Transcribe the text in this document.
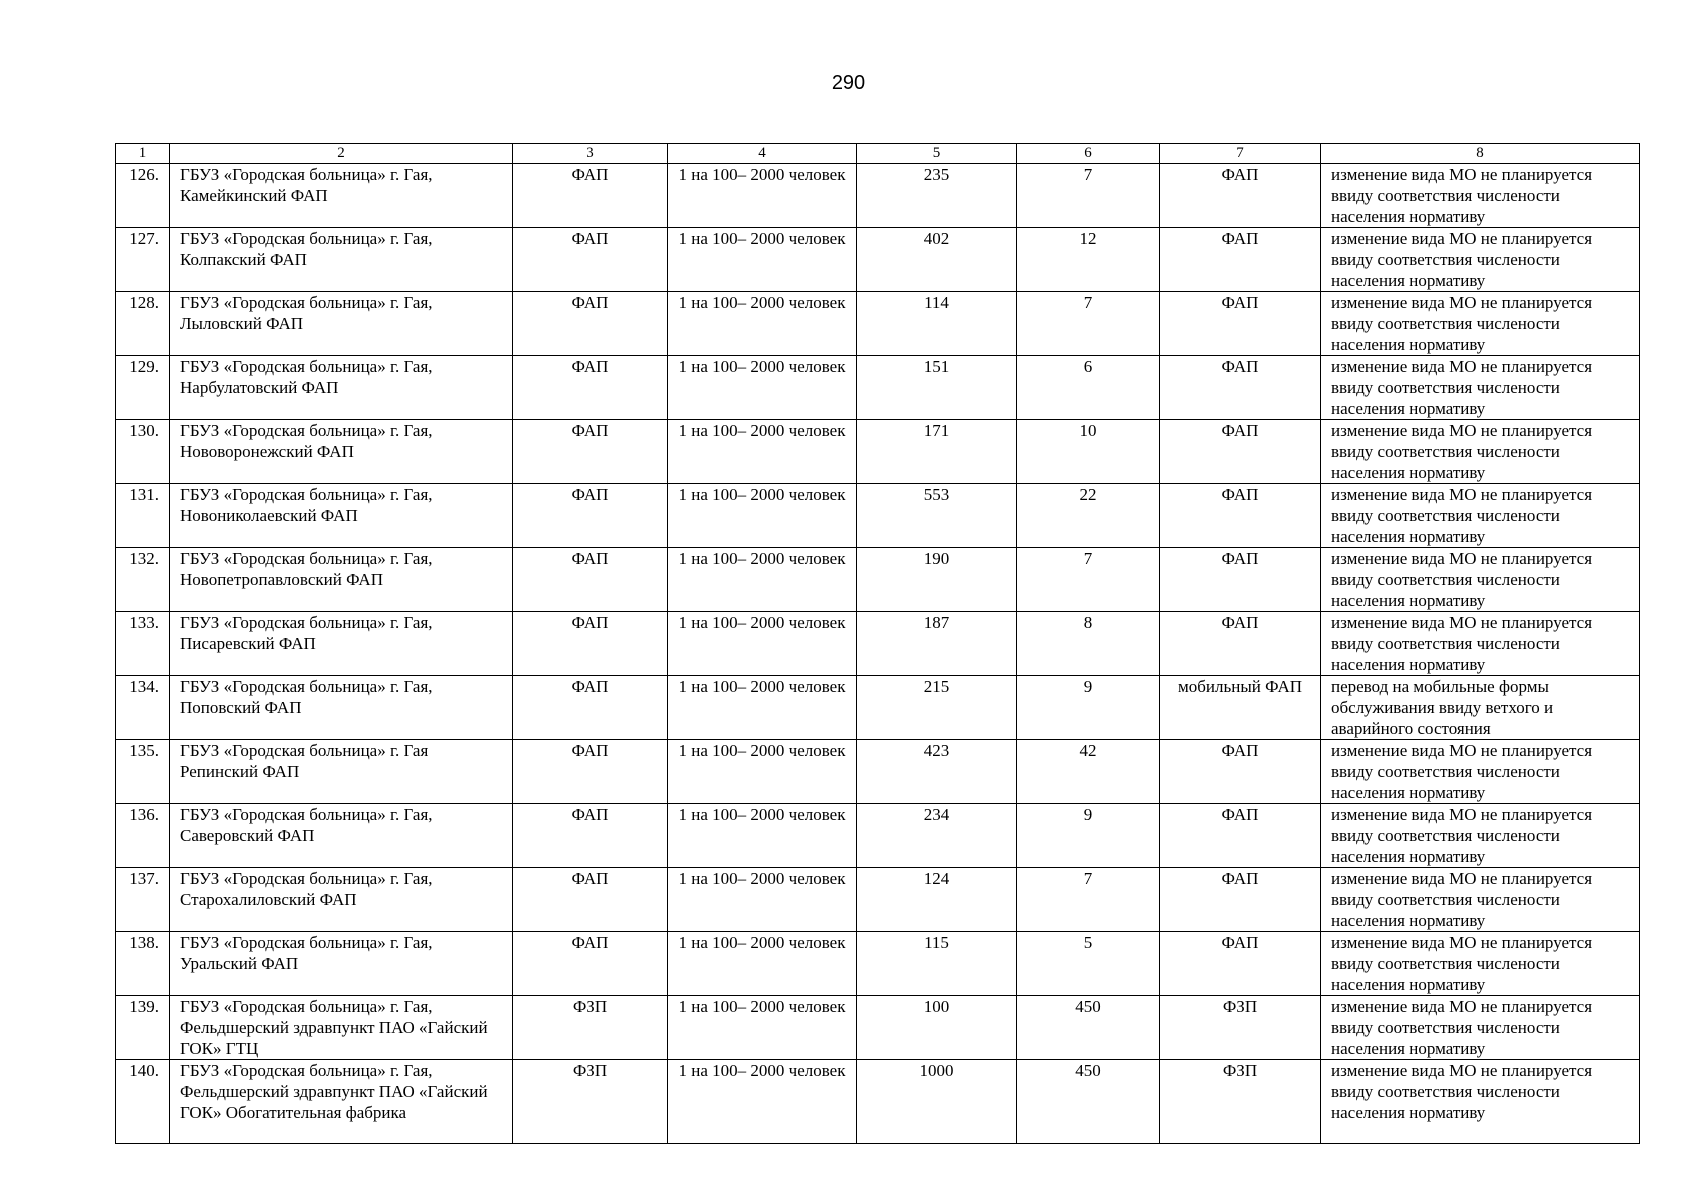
290
1	2	3	4	5	6	7	8
126.	ГБУЗ «Городская больница» г. Гая, Камейкинский ФАП	ФАП	1 на 100– 2000 человек	235	7	ФАП	изменение вида МО не планируется ввиду соответствия числености населения нормативу
127.	ГБУЗ «Городская больница» г. Гая, Колпакский ФАП	ФАП	1 на 100– 2000 человек	402	12	ФАП	изменение вида МО не планируется ввиду соответствия числености населения нормативу
128.	ГБУЗ «Городская больница» г. Гая, Лыловский ФАП	ФАП	1 на 100– 2000 человек	114	7	ФАП	изменение вида МО не планируется ввиду соответствия числености населения нормативу
129.	ГБУЗ «Городская больница» г. Гая, Нарбулатовский ФАП	ФАП	1 на 100– 2000 человек	151	6	ФАП	изменение вида МО не планируется ввиду соответствия числености населения нормативу
130.	ГБУЗ «Городская больница» г. Гая, Нововоронежский ФАП	ФАП	1 на 100– 2000 человек	171	10	ФАП	изменение вида МО не планируется ввиду соответствия числености населения нормативу
131.	ГБУЗ «Городская больница» г. Гая, Новониколаевский ФАП	ФАП	1 на 100– 2000 человек	553	22	ФАП	изменение вида МО не планируется ввиду соответствия числености населения нормативу
132.	ГБУЗ «Городская больница» г. Гая, Новопетропавловский ФАП	ФАП	1 на 100– 2000 человек	190	7	ФАП	изменение вида МО не планируется ввиду соответствия числености населения нормативу
133.	ГБУЗ «Городская больница» г. Гая, Писаревский ФАП	ФАП	1 на 100– 2000 человек	187	8	ФАП	изменение вида МО не планируется ввиду соответствия числености населения нормативу
134.	ГБУЗ «Городская больница» г. Гая, Поповский ФАП	ФАП	1 на 100– 2000 человек	215	9	мобильный ФАП	перевод на мобильные формы обслуживания ввиду ветхого и аварийного состояния
135.	ГБУЗ «Городская больница» г. Гая Репинский ФАП	ФАП	1 на 100– 2000 человек	423	42	ФАП	изменение вида МО не планируется ввиду соответствия числености населения нормативу
136.	ГБУЗ «Городская больница» г. Гая, Саверовский ФАП	ФАП	1 на 100– 2000 человек	234	9	ФАП	изменение вида МО не планируется ввиду соответствия числености населения нормативу
137.	ГБУЗ «Городская больница» г. Гая, Старохалиловский ФАП	ФАП	1 на 100– 2000 человек	124	7	ФАП	изменение вида МО не планируется ввиду соответствия числености населения нормативу
138.	ГБУЗ «Городская больница» г. Гая, Уральский ФАП	ФАП	1 на 100– 2000 человек	115	5	ФАП	изменение вида МО не планируется ввиду соответствия числености населения нормативу
139.	ГБУЗ «Городская больница» г. Гая, Фельдшерский здравпункт ПАО «Гайский ГОК» ГТЦ	ФЗП	1 на 100– 2000 человек	100	450	ФЗП	изменение вида МО не планируется ввиду соответствия числености населения нормативу
140.	ГБУЗ «Городская больница» г. Гая, Фельдшерский здравпункт ПАО «Гайский ГОК» Обогатительная фабрика	ФЗП	1 на 100– 2000 человек	1000	450	ФЗП	изменение вида МО не планируется ввиду соответствия числености населения нормативу
